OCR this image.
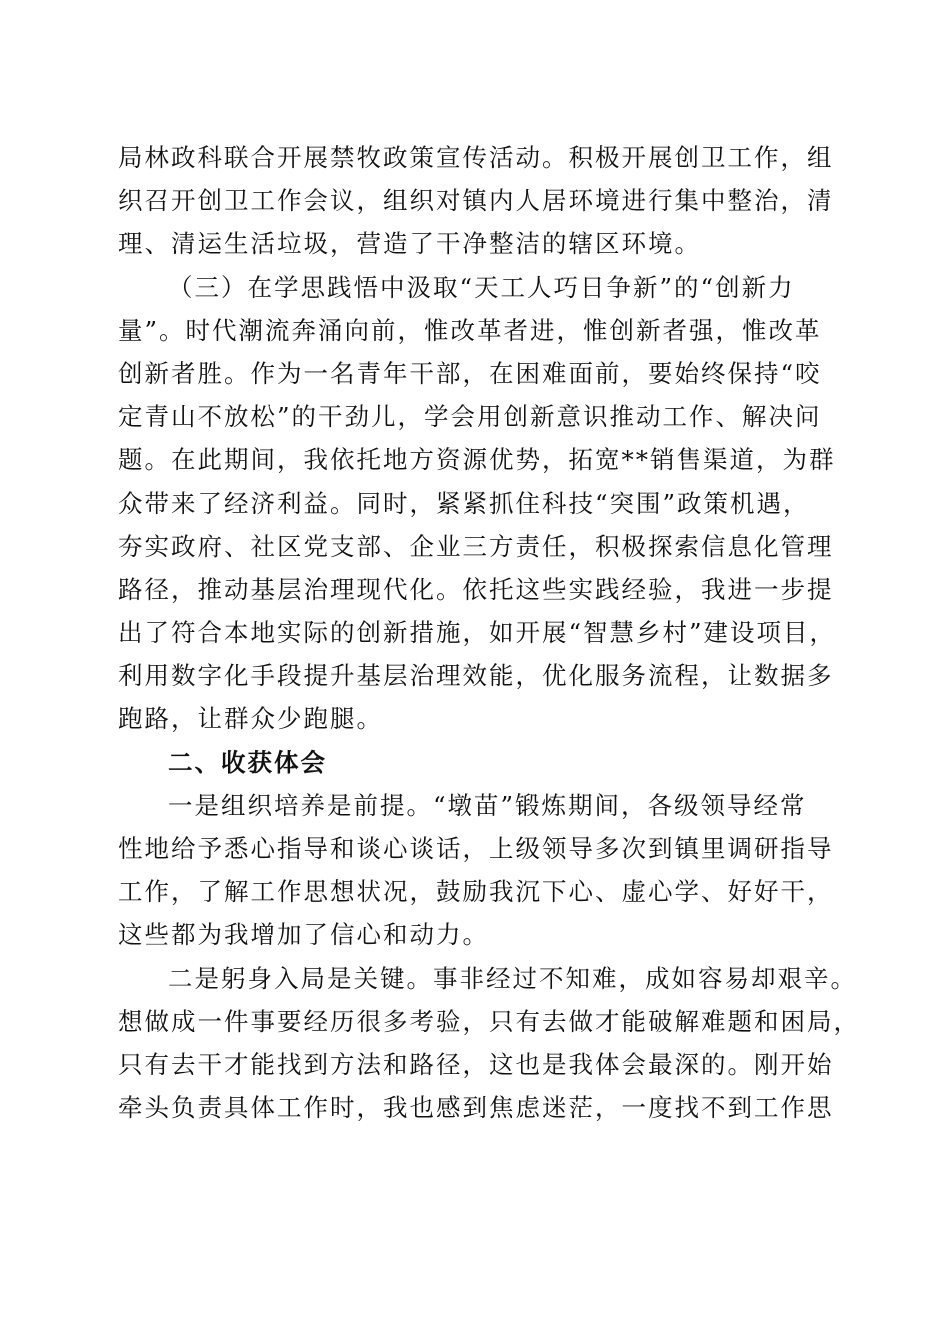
局林政科联合开展禁牧政策宣传活动。积极开展创卫工作，组
织召开创卫工作会议，组织对镇内人居环境进行集中整治，清
理、清运生活垃圾，营造了干净整洁的辖区环境。
（三）在学思践悟中汲取“天工人巧日争新”的“创新力
量”。时代潮流奔涌向前，惟改革者进，惟创新者强，惟改革
创新者胜。作为一名青年干部，在困难面前，要始终保持“咬
定青山不放松”的干劲儿，学会用创新意识推动工作、解决问
题。在此期间，我依托地方资源优势，拓宽**销售渠道，为群
众带来了经济利益。同时，紧紧抓住科技“突围”政策机遇，
夯实政府、社区党支部、企业三方责任，积极探索信息化管理
路径，推动基层治理现代化。依托这些实践经验，我进一步提
出了符合本地实际的创新措施，如开展“智慧乡村”建设项目，
利用数字化手段提升基层治理效能，优化服务流程，让数据多
跑路，让群众少跑腿。
二、收获体会
一是组织培养是前提。“墩苗”锻炼期间，各级领导经常
性地给予悉心指导和谈心谈话，上级领导多次到镇里调研指导
工作，了解工作思想状况，鼓励我沉下心、虚心学、好好干，
这些都为我增加了信心和动力。
二是躬身入局是关键。事非经过不知难，成如容易却艰辛。
想做成一件事要经历很多考验，只有去做才能破解难题和困局，
只有去干才能找到方法和路径，这也是我体会最深的。刚开始
牵头负责具体工作时，我也感到焦虑迷茫，一度找不到工作思
